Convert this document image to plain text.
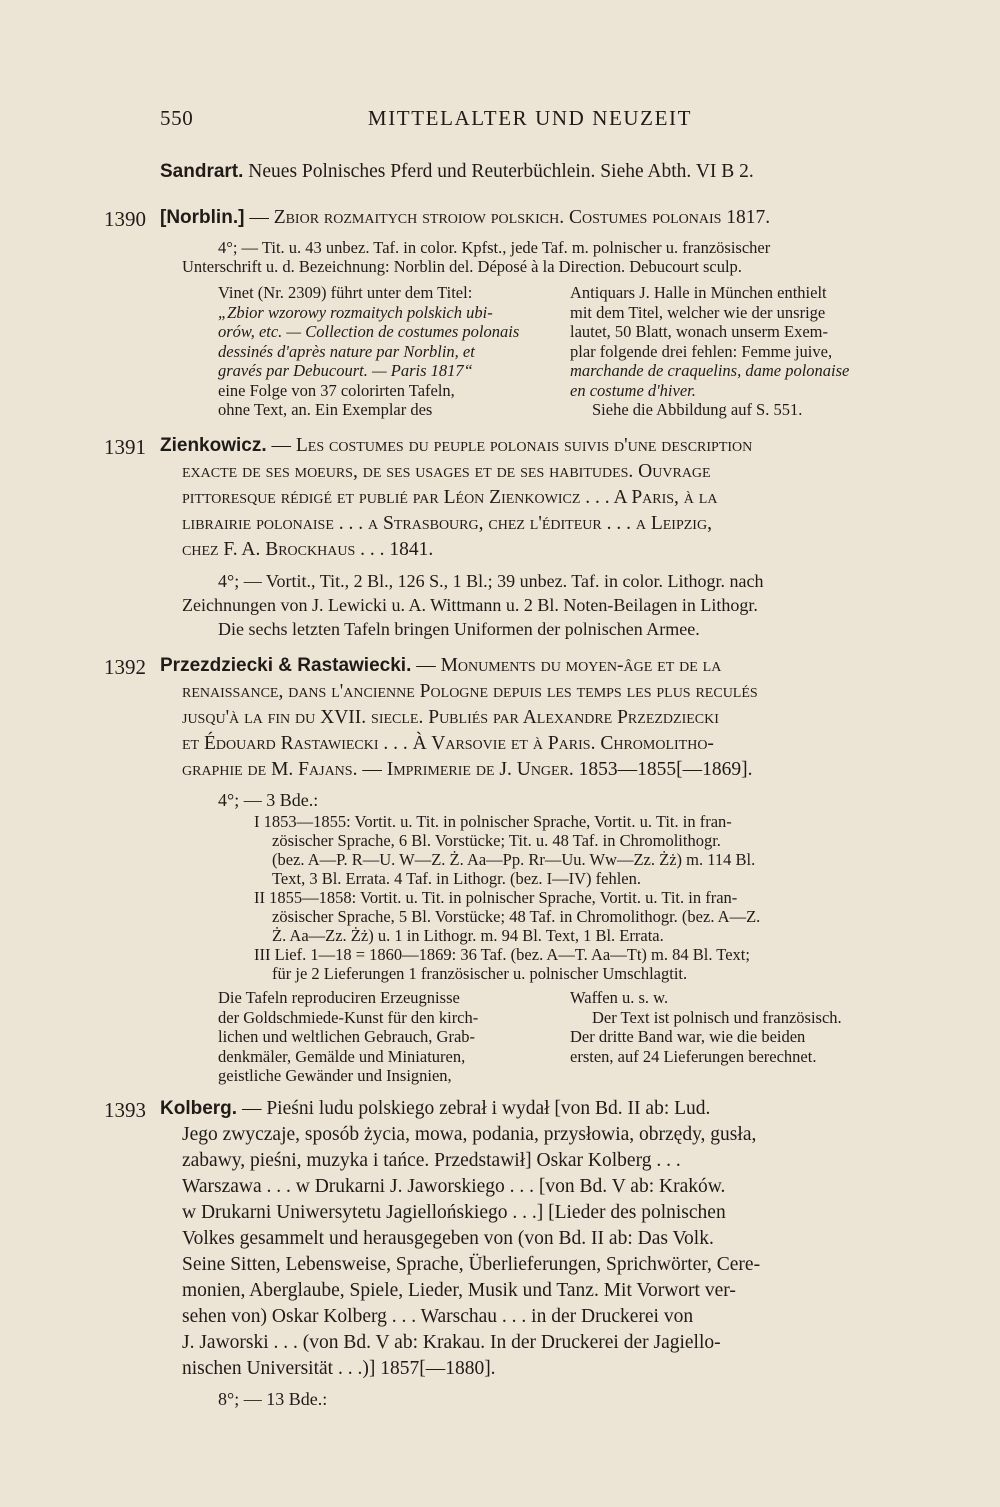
550	MITTELALTER UND NEUZEIT
Sandrart. Neues Polnisches Pferd und Reuterbüchlein. Siehe Abth. VI B 2.
1390 [Norblin.] — Zbior rozmaitych stroiow polskich. Costumes polonais 1817.
4°; — Tit. u. 43 unbez. Taf. in color. Kpfst., jede Taf. m. polnischer u. französischer
Unterschrift u. d. Bezeichnung: Norblin del. Déposé à la Direction. Debucourt sculp.
Vinet (Nr. 2309) führt unter dem Titel:
„Zbior wzorowy rozmaitych polskich ubi-
orów, etc. — Collection de costumes polonais
dessinés d'après nature par Norblin, et
gravés par Debucourt. — Paris 1817“
eine Folge von 37 colorirten Tafeln,
ohne Text, an. Ein Exemplar des
Antiquars J. Halle in München enthielt
mit dem Titel, welcher wie der unsrige
lautet, 50 Blatt, wonach unserm Exem-
plar folgende drei fehlen: Femme juive,
marchande de craquelins, dame polonaise
en costume d'hiver.
Siehe die Abbildung auf S. 551.
1391 Zienkowicz. — Les costumes du peuple polonais suivis d'une description
exacte de ses moeurs, de ses usages et de ses habitudes. Ouvrage
pittoresque rédigé et publié par Léon Zienkowicz . . . A Paris, à la
librairie polonaise . . . a Strasbourg, chez l'éditeur . . . a Leipzig,
chez F. A. Brockhaus . . . 1841.
4°; — Vortit., Tit., 2 Bl., 126 S., 1 Bl.; 39 unbez. Taf. in color. Lithogr. nach
Zeichnungen von J. Lewicki u. A. Wittmann u. 2 Bl. Noten-Beilagen in Lithogr.
Die sechs letzten Tafeln bringen Uniformen der polnischen Armee.
1392 Przezdziecki & Rastawiecki. — Monuments du moyen-âge et de la
renaissance, dans l'ancienne Pologne depuis les temps les plus reculés
jusqu'à la fin du XVII. siecle. Publiés par Alexandre Przezdziecki
et Édouard Rastawiecki . . . À Varsovie et à Paris. Chromolitho-
graphie de M. Fajans. — Imprimerie de J. Unger. 1853—1855[—1869].
4°; — 3 Bde.:
I 1853—1855: Vortit. u. Tit. in polnischer Sprache, Vortit. u. Tit. in fran-
zösischer Sprache, 6 Bl. Vorstücke; Tit. u. 48 Taf. in Chromolithogr.
(bez. A—P. R—U. W—Z. Ż. Aa—Pp. Rr—Uu. Ww—Zz. Żż) m. 114 Bl.
Text, 3 Bl. Errata. 4 Taf. in Lithogr. (bez. I—IV) fehlen.
II 1855—1858: Vortit. u. Tit. in polnischer Sprache, Vortit. u. Tit. in fran-
zösischer Sprache, 5 Bl. Vorstücke; 48 Taf. in Chromolithogr. (bez. A—Z.
Ż. Aa—Zz. Żż) u. 1 in Lithogr. m. 94 Bl. Text, 1 Bl. Errata.
III Lief. 1—18 = 1860—1869: 36 Taf. (bez. A—T. Aa—Tt) m. 84 Bl. Text;
für je 2 Lieferungen 1 französischer u. polnischer Umschlagtit.
Die Tafeln reproduciren Erzeugnisse
der Goldschmiede-Kunst für den kirch-
lichen und weltlichen Gebrauch, Grab-
denkmäler, Gemälde und Miniaturen,
geistliche Gewänder und Insignien,
Waffen u. s. w.
Der Text ist polnisch und französisch.
Der dritte Band war, wie die beiden
ersten, auf 24 Lieferungen berechnet.
1393 Kolberg. — Pieśni ludu polskiego zebrał i wydał [von Bd. II ab: Lud.
Jego zwyczaje, sposób życia, mowa, podania, przysłowia, obrzędy, gusła,
zabawy, pieśni, muzyka i tańce. Przedstawił] Oskar Kolberg . . .
Warszawa . . . w Drukarni J. Jaworskiego . . . [von Bd. V ab: Kraków.
w Drukarni Uniwersytetu Jagiellońskiego . . .] [Lieder des polnischen
Volkes gesammelt und herausgegeben von (von Bd. II ab: Das Volk.
Seine Sitten, Lebensweise, Sprache, Überlieferungen, Sprichwörter, Cere-
monien, Aberglaube, Spiele, Lieder, Musik und Tanz. Mit Vorwort ver-
sehen von) Oskar Kolberg . . . Warschau . . . in der Druckerei von
J. Jaworski . . . (von Bd. V ab: Krakau. In der Druckerei der Jagiello-
nischen Universität . . .)] 1857[—1880].
8°; — 13 Bde.:
